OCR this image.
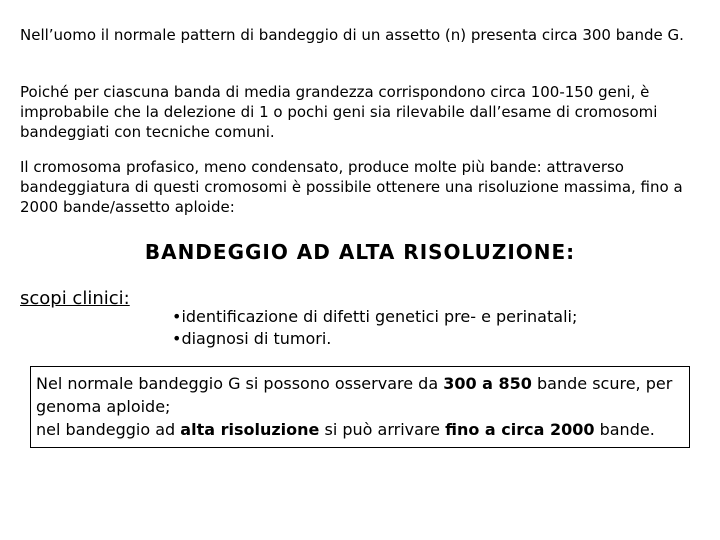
Nell’uomo il normale pattern di bandeggio di un assetto (n) presenta circa 300 bande G.

Poiché per ciascuna banda di media grandezza corrispondono circa 100-150 geni, è improbabile che la delezione di 1 o pochi geni sia rilevabile dall’esame di cromosomi bandeggiati con tecniche comuni.

Il cromosoma profasico, meno condensato, produce molte più bande: attraverso bandeggiatura di questi cromosomi è possibile ottenere una risoluzione massima, fino a 2000 bande/assetto aploide:

BANDEGGIO AD ALTA RISOLUZIONE:

scopi clinici:

•identificazione di difetti genetici pre- e perinatali;
•diagnosi di tumori.
Nel normale bandeggio G si possono osservare da 300 a 850 bande scure, per genoma aploide;
nel bandeggio ad alta risoluzione si può arrivare fino a circa 2000 bande.
